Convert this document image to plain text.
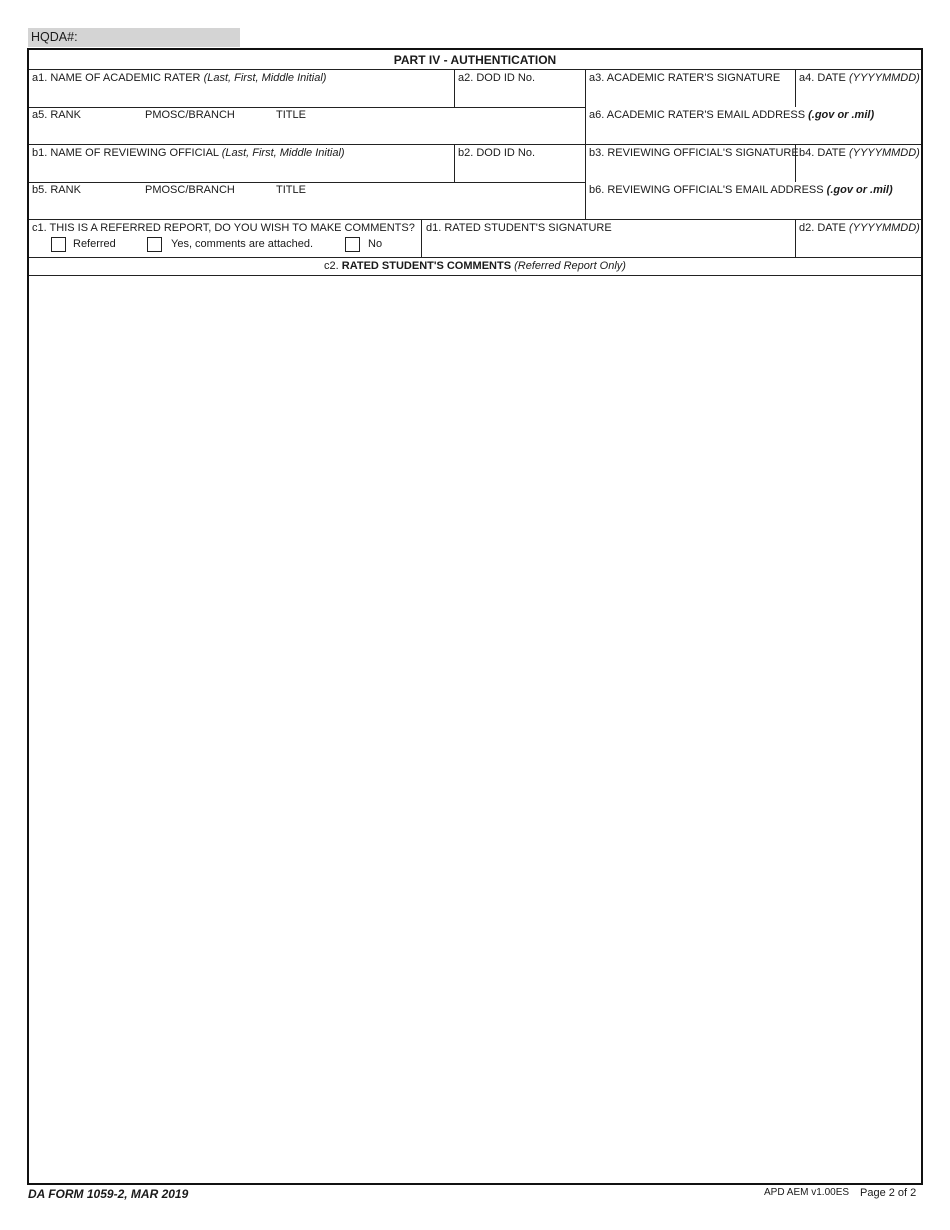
HQDA#:
PART IV - AUTHENTICATION
a1. NAME OF ACADEMIC RATER (Last, First, Middle Initial)	a2. DOD ID No.	a3. ACADEMIC RATER'S SIGNATURE a4. DATE (YYYYMMDD)
a5. RANK	PMOSC/BRANCH	TITLE	a6. ACADEMIC RATER'S EMAIL ADDRESS (.gov or .mil)
b1. NAME OF REVIEWING OFFICIAL (Last, First, Middle Initial)	b2. DOD ID No.	b3. REVIEWING OFFICIAL'S SIGNATURE b4. DATE (YYYYMMDD)
b5. RANK	PMOSC/BRANCH	TITLE	b6. REVIEWING OFFICIAL'S EMAIL ADDRESS (.gov or .mil)
c1. THIS IS A REFERRED REPORT, DO YOU WISH TO MAKE COMMENTS?
Referred	Yes, comments are attached.	No
d1. RATED STUDENT'S SIGNATURE	d2. DATE (YYYYMMDD)
c2. RATED STUDENT'S COMMENTS (Referred Report Only)
DA FORM 1059-2, MAR 2019	APD AEM v1.00ES Page 2 of 2
